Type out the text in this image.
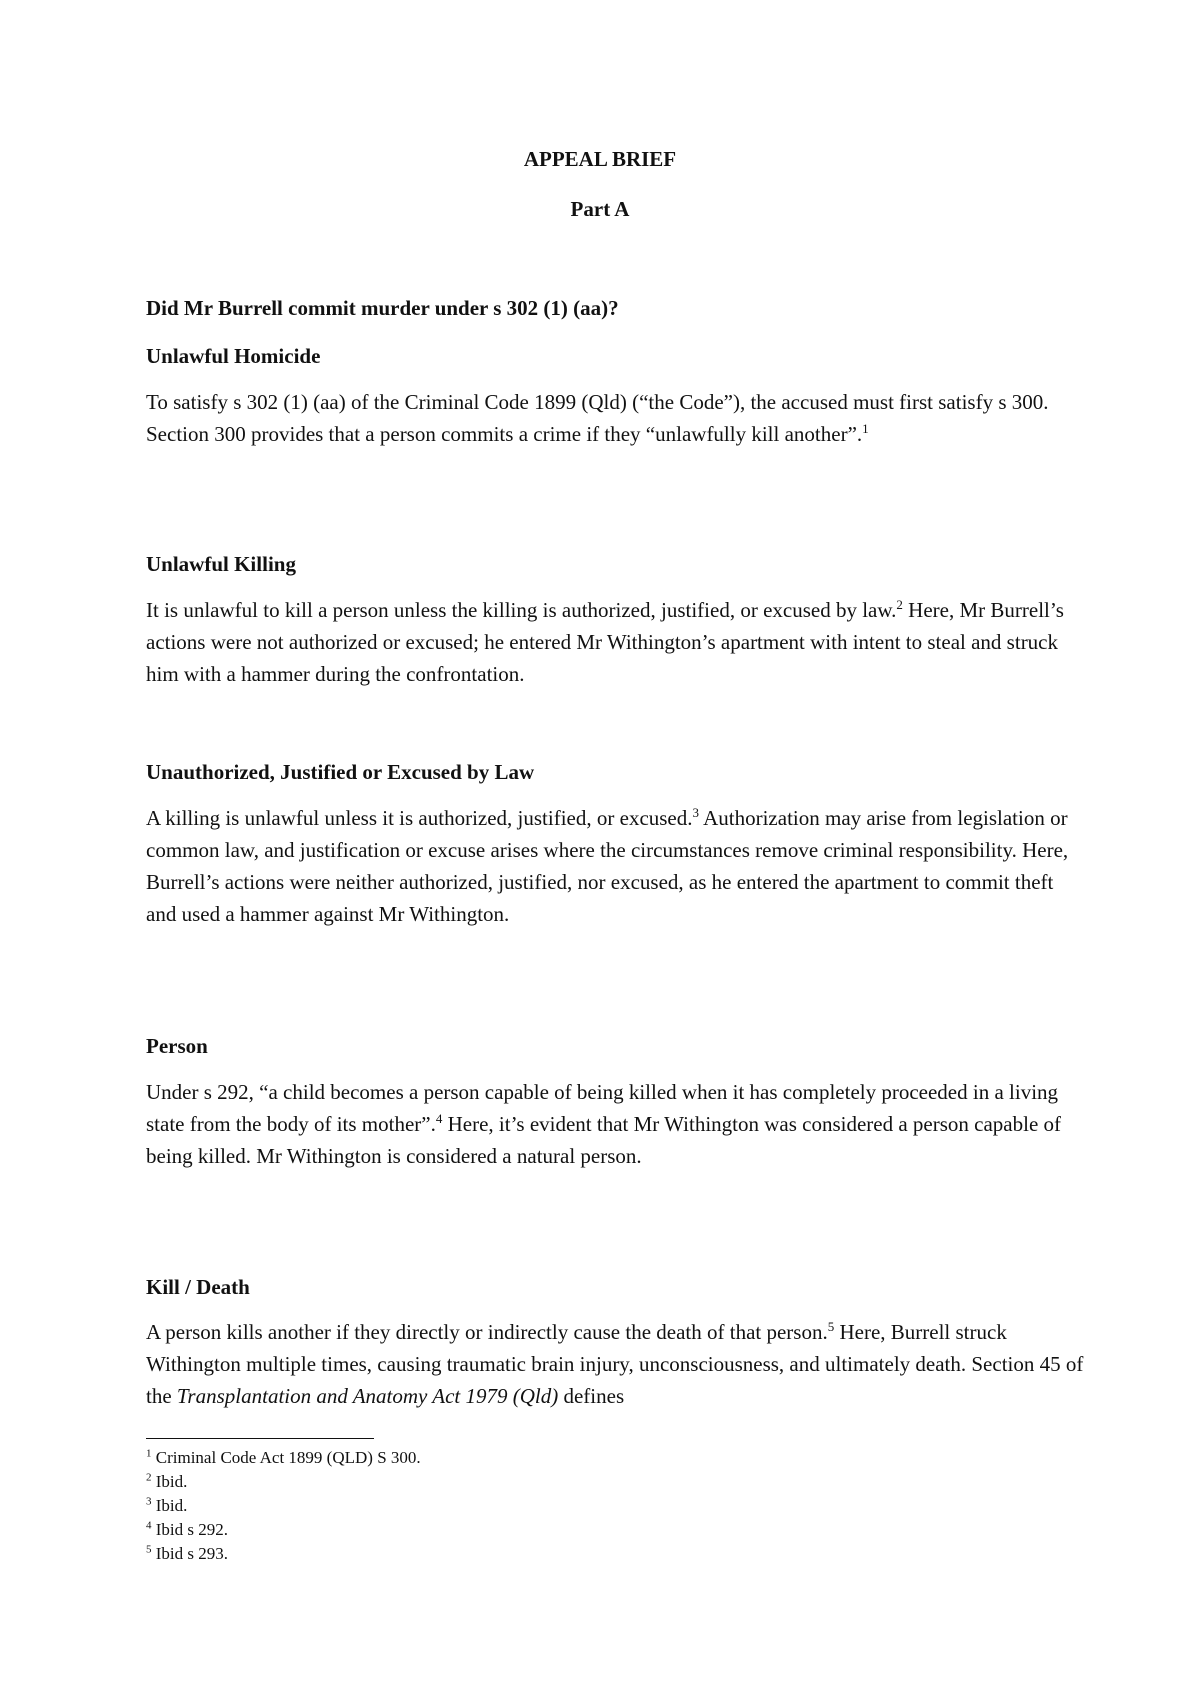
APPEAL BRIEF
Part A
Did Mr Burrell commit murder under s 302 (1) (aa)?
Unlawful Homicide
To satisfy s 302 (1) (aa) of the Criminal Code 1899 (Qld) (“the Code”), the accused must first satisfy s 300. Section 300 provides that a person commits a crime if they “unlawfully kill another”.$^1$
Unlawful Killing
It is unlawful to kill a person unless the killing is authorized, justified, or excused by law.$^2$ Here, Mr Burrell’s actions were not authorized or excused; he entered Mr Withington’s apartment with intent to steal and struck him with a hammer during the confrontation.
Unauthorized, Justified or Excused by Law
A killing is unlawful unless it is authorized, justified, or excused.$^3$ Authorization may arise from legislation or common law, and justification or excuse arises where the circumstances remove criminal responsibility. Here, Burrell’s actions were neither authorized, justified, nor excused, as he entered the apartment to commit theft and used a hammer against Mr Withington.
Person
Under s 292, “a child becomes a person capable of being killed when it has completely proceeded in a living state from the body of its mother”.$^4$ Here, it’s evident that Mr Withington was considered a person capable of being killed. Mr Withington is considered a natural person.
Kill / Death
A person kills another if they directly or indirectly cause the death of that person.$^5$ Here, Burrell struck Withington multiple times, causing traumatic brain injury, unconsciousness, and ultimately death. Section 45 of the Transplantation and Anatomy Act 1979 (Qld) defines
$^1$ Criminal Code Act 1899 (QLD) S 300.
$^2$ Ibid.
$^3$ Ibid.
$^4$ Ibid s 292.
$^5$ Ibid s 293.
